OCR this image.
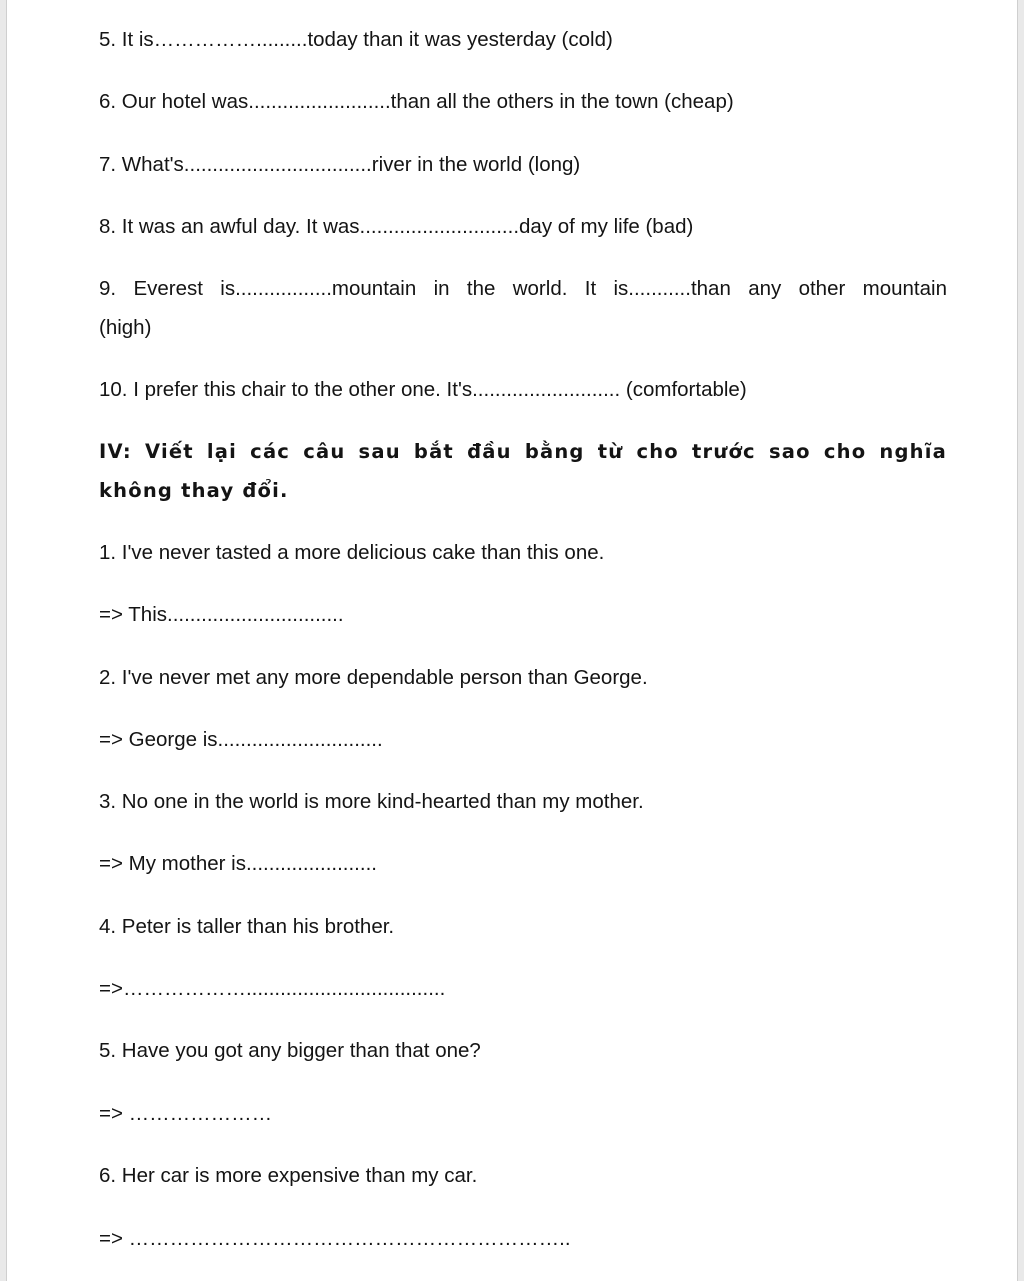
5. It is…………….........today than it was yesterday (cold)
6. Our hotel was.........................than all the others in the town (cheap)
7. What's.................................river in the world (long)
8. It was an awful day. It was............................day of my life (bad)
9. Everest is.................mountain in the world. It is...........than any other mountain
(high)
10. I prefer this chair to the other one. It's.......................... (comfortable)
IV: Viết lại các câu sau bắt đầu bằng từ cho trước sao cho nghĩa
không thay đổi.
1. I've never tasted a more delicious cake than this one.
=> This...............................
2. I've never met any more dependable person than George.
=> George is.............................
3. No one in the world is more kind-hearted than my mother.
=> My mother is.......................
4. Peter is taller than his brother.
=>………………...................................
5. Have you got any bigger than that one?
=> …………………
6. Her car is more expensive than my car.
=> ………………………………………………………..
